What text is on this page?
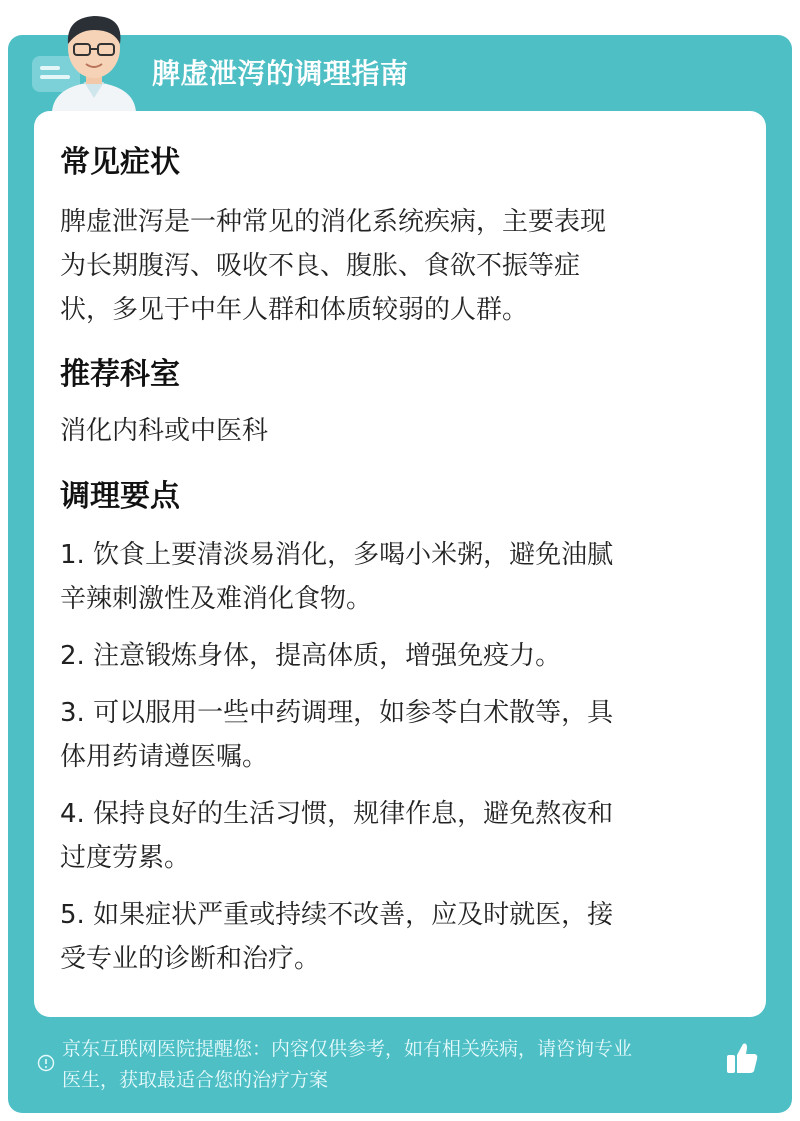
脾虚泄泻的调理指南
常见症状
脾虚泄泻是一种常见的消化系统疾病，主要表现
为长期腹泻、吸收不良、腹胀、食欲不振等症
状，多见于中年人群和体质较弱的人群。
推荐科室
消化内科或中医科
调理要点
1. 饮食上要清淡易消化，多喝小米粥，避免油腻
辛辣刺激性及难消化食物。
2. 注意锻炼身体，提高体质，增强免疫力。
3. 可以服用一些中药调理，如参苓白术散等，具
体用药请遵医嘱。
4. 保持良好的生活习惯，规律作息，避免熬夜和
过度劳累。
5. 如果症状严重或持续不改善，应及时就医，接
受专业的诊断和治疗。
京东互联网医院提醒您：内容仅供参考，如有相关疾病，请咨询专业
医生，获取最适合您的治疗方案
